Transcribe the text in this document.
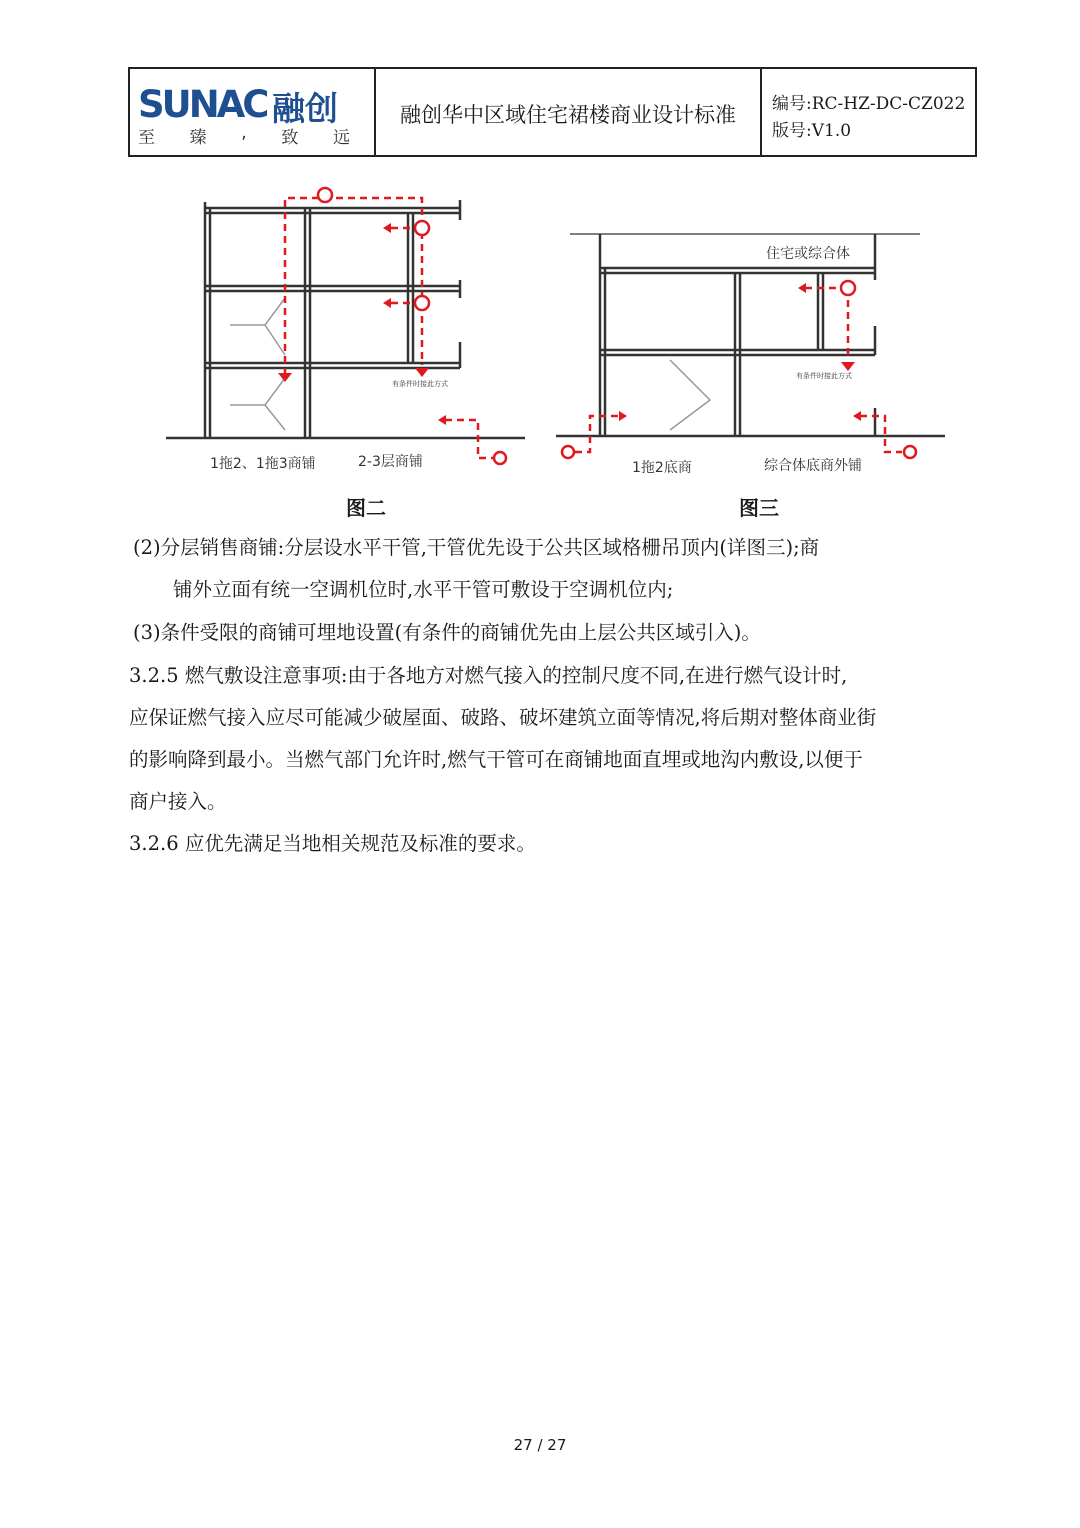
SUNAC 融创
至 臻 , 致 远
融创华中区域住宅裙楼商业设计标准	编号:RC-HZ-DC-CZ022
版号:V1.0
有条件时接此方式
1拖2、1拖3商铺	2-3层商铺
图二
住宅或综合体
有条件时接此方式
1拖2底商	综合体底商外铺
图三

(2)分层销售商铺:分层设水平干管,干管优先设于公共区域格栅吊顶内(详图三);商

铺外立面有统一空调机位时,水平干管可敷设于空调机位内;

(3)条件受限的商铺可埋地设置(有条件的商铺优先由上层公共区域引入)。

3.2.5 燃气敷设注意事项:由于各地方对燃气接入的控制尺度不同,在进行燃气设计时,

应保证燃气接入应尽可能减少破屋面、破路、破坏建筑立面等情况,将后期对整体商业街

的影响降到最小。当燃气部门允许时,燃气干管可在商铺地面直埋或地沟内敷设,以便于

商户接入。

3.2.6 应优先满足当地相关规范及标准的要求。

27 / 27
